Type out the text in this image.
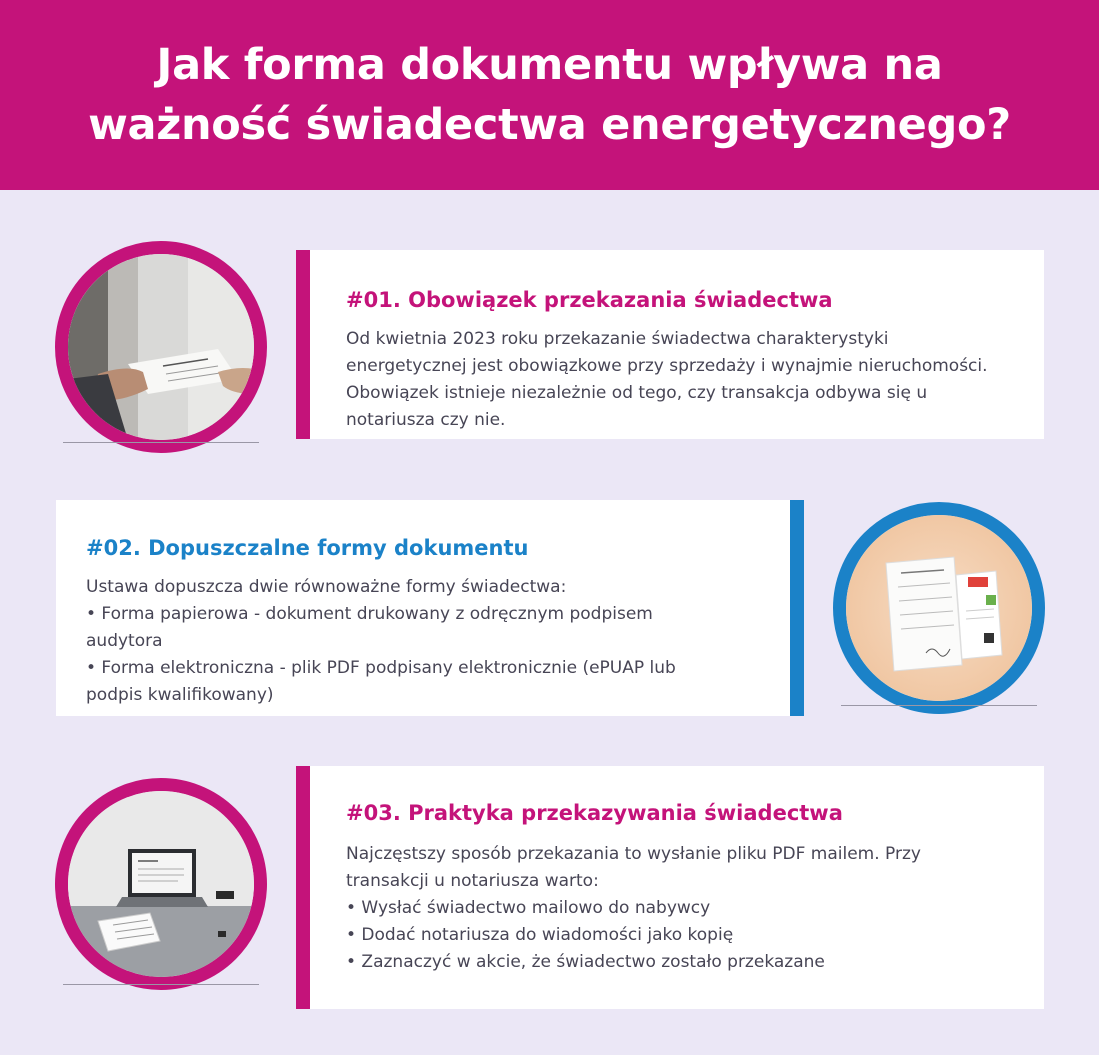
Jak forma dokumentu wpływa na
ważność świadectwa energetycznego?
#01. Obowiązek przekazania świadectwa
Od kwietnia 2023 roku przekazanie świadectwa charakterystyki
energetycznej jest obowiązkowe przy sprzedaży i wynajmie nieruchomości.
Obowiązek istnieje niezależnie od tego, czy transakcja odbywa się u
notariusza czy nie.
#02. Dopuszczalne formy dokumentu
Ustawa dopuszcza dwie równoważne formy świadectwa:
• Forma papierowa - dokument drukowany z odręcznym podpisem
audytora
• Forma elektroniczna - plik PDF podpisany elektronicznie (ePUAP lub
podpis kwalifikowany)
#03. Praktyka przekazywania świadectwa
Najczęstszy sposób przekazania to wysłanie pliku PDF mailem. Przy
transakcji u notariusza warto:
• Wysłać świadectwo mailowo do nabywcy
• Dodać notariusza do wiadomości jako kopię
• Zaznaczyć w akcie, że świadectwo zostało przekazane
